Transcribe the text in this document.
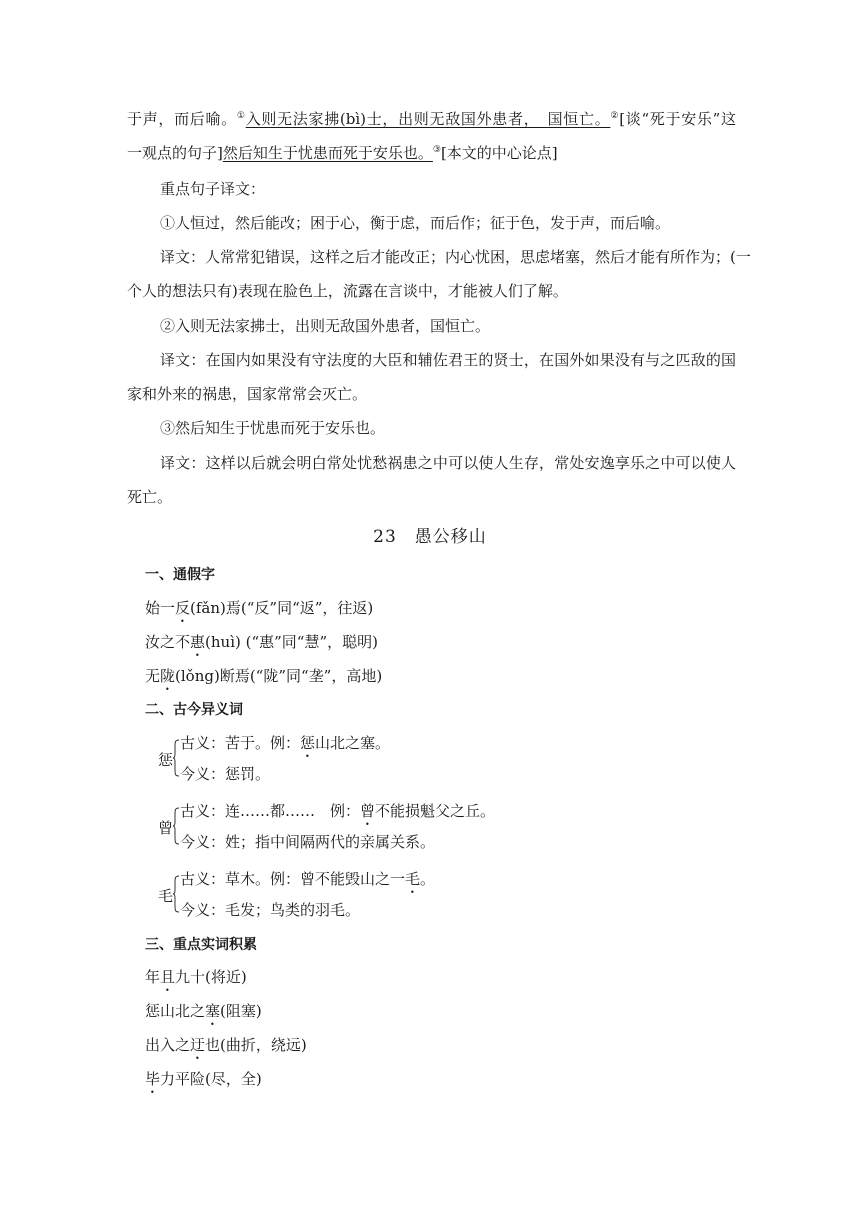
于声，而后喻。①入则无法家拂(bì)士，出则无敌国外患者，　国恒亡。②[谈“死于安乐”这
一观点的句子]然后知生于忧患而死于安乐也。③[本文的中心论点]
重点句子译文：
①人恒过，然后能改；困于心，衡于虑，而后作；征于色，发于声，而后喻。
译文：人常常犯错误，这样之后才能改正；内心忧困，思虑堵塞，然后才能有所作为；(一
个人的想法只有)表现在脸色上，流露在言谈中，才能被人们了解。
②入则无法家拂士，出则无敌国外患者，国恒亡。
译文：在国内如果没有守法度的大臣和辅佐君王的贤士，在国外如果没有与之匹敌的国
家和外来的祸患，国家常常会灭亡。
③然后知生于忧患而死于安乐也。
译文：这样以后就会明白常处忧愁祸患之中可以使人生存，常处安逸享乐之中可以使人
死亡。
23　愚公移山
一、通假字
始一反(fǎn)焉(“反”同“返”，往返)
汝之不惠(huì) (“惠”同“慧”，聪明)
无陇(lǒng)断焉(“陇”同“垄”，高地)
二、古今异义词
惩
古义：苦于。例：惩山北之塞。
今义：惩罚。
曾
古义：连……都……　例：曾不能损魁父之丘。
今义：姓；指中间隔两代的亲属关系。
毛
古义：草木。例：曾不能毁山之一毛。
今义：毛发；鸟类的羽毛。
三、重点实词积累
年且九十(将近)
惩山北之塞(阻塞)
出入之迂也(曲折，绕远)
毕力平险(尽，全)
